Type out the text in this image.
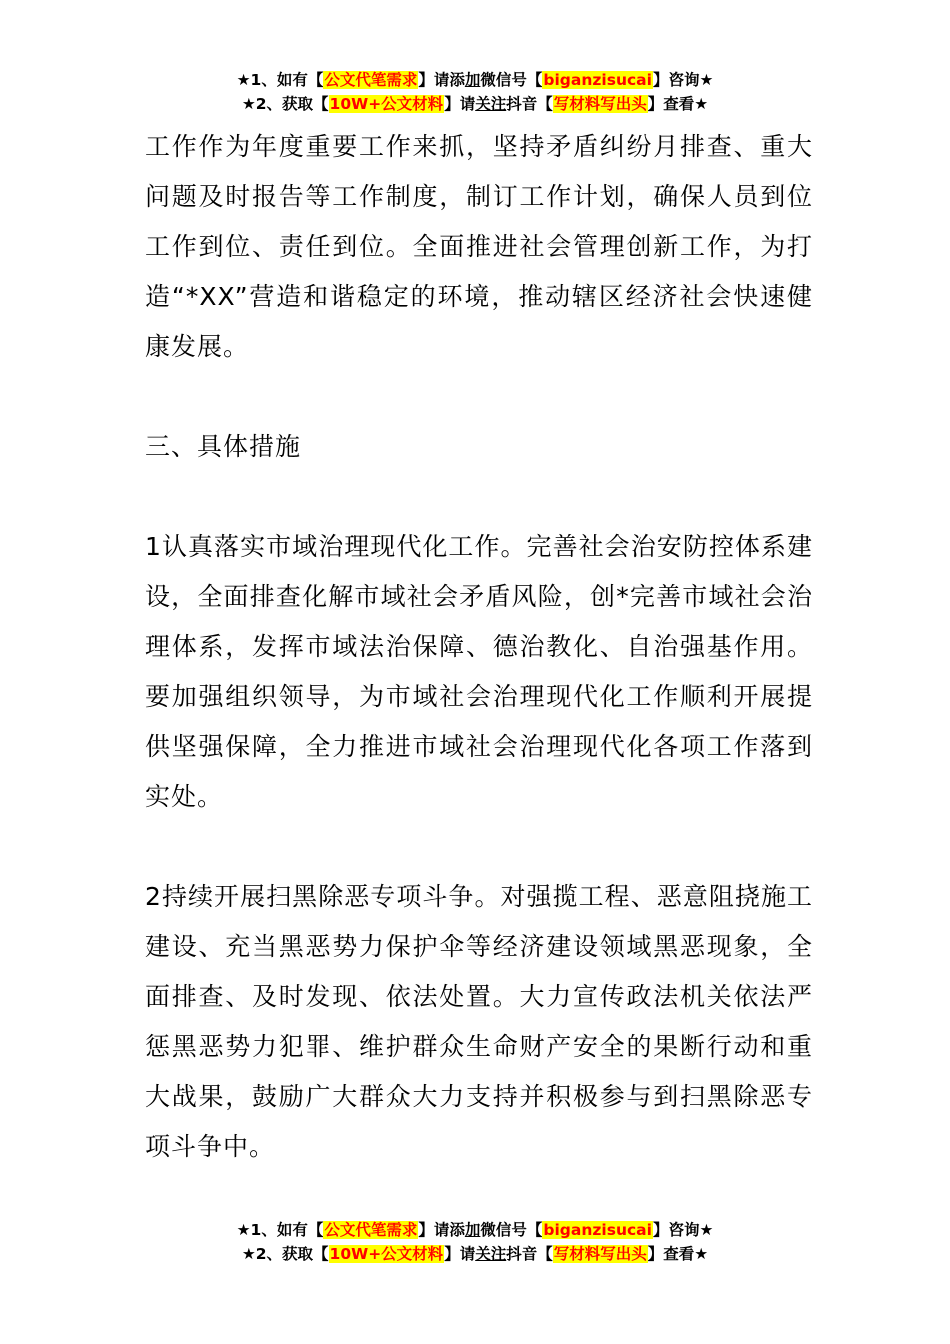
★1、如有【公文代笔需求】请添加微信号【biganzisucai】咨询★
★2、获取【10W+公文材料】请关注抖音【写材料写出头】查看★

工作作为年度重要工作来抓，坚持矛盾纠纷月排查、重大问题及时报告等工作制度，制订工作计划，确保人员到位工作到位、责任到位。全面推进社会管理创新工作，为打造“*XX”营造和谐稳定的环境，推动辖区经济社会快速健康发展。

三、具体措施

1认真落实市域治理现代化工作。完善社会治安防控体系建设，全面排查化解市域社会矛盾风险，创*完善市域社会治理体系，发挥市域法治保障、德治教化、自治强基作用。要加强组织领导，为市域社会治理现代化工作顺利开展提供坚强保障，全力推进市域社会治理现代化各项工作落到实处。

2持续开展扫黑除恶专项斗争。对强揽工程、恶意阻挠施工建设、充当黑恶势力保护伞等经济建设领域黑恶现象，全面排查、及时发现、依法处置。大力宣传政法机关依法严惩黑恶势力犯罪、维护群众生命财产安全的果断行动和重大战果，鼓励广大群众大力支持并积极参与到扫黑除恶专项斗争中。

★1、如有【公文代笔需求】请添加微信号【biganzisucai】咨询★
★2、获取【10W+公文材料】请关注抖音【写材料写出头】查看★
